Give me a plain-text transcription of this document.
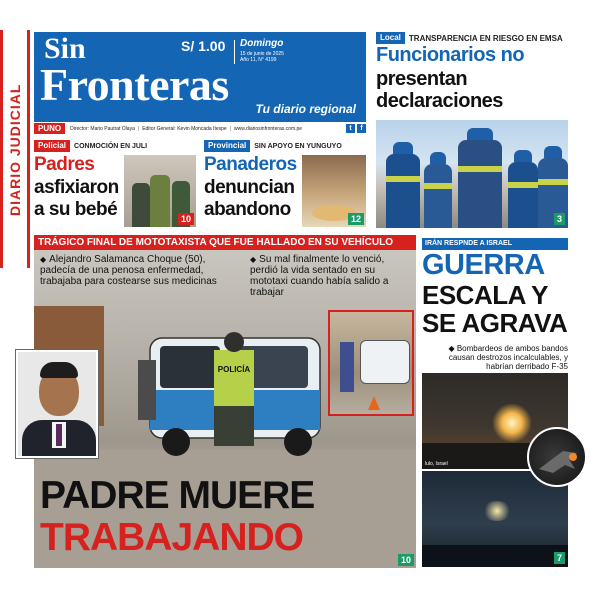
DIARIO JUDICIAL
Sin
Fronteras
S/ 1.00 Domingo
15 de junio de 2025
Año 11, N° 4199
Tu diario regional
PUNO	Director: Mario Pautrat Olaya | Editor General: Kevin Moncada Itespe | www.diariosinfronteras.com.pe	t	f
Local	TRANSPARENCIA EN RIESGO EN EMSA
Funcionarios no
presentan declaraciones
3
Policial	CONMOCIÓN EN JULI
Padres
asfixiaron a su bebé	10
Provincial	SIN APOYO EN YUNGUYO
Panaderos
denuncian abandono	12
TRÁGICO FINAL DE MOTOTAXISTA QUE FUE HALLADO EN SU VEHÍCULO
◆ Alejandro Salamanca Choque (50), padecía de una penosa enfermedad, trabajaba para costearse sus medicinas
◆ Su mal finalmente lo venció, perdió la vida sentado en su mototaxi cuando había salido a trabajar
POLICÍA
PADRE MUERE
TRABAJANDO
10
IRÁN RESPNDE A ISRAEL
GUERRA
ESCALA Y
SE AGRAVA
◆ Bombardeos de ambos bandos causan destrozos incalculables, y habrían derribado F-35
lulo, Israel
7
